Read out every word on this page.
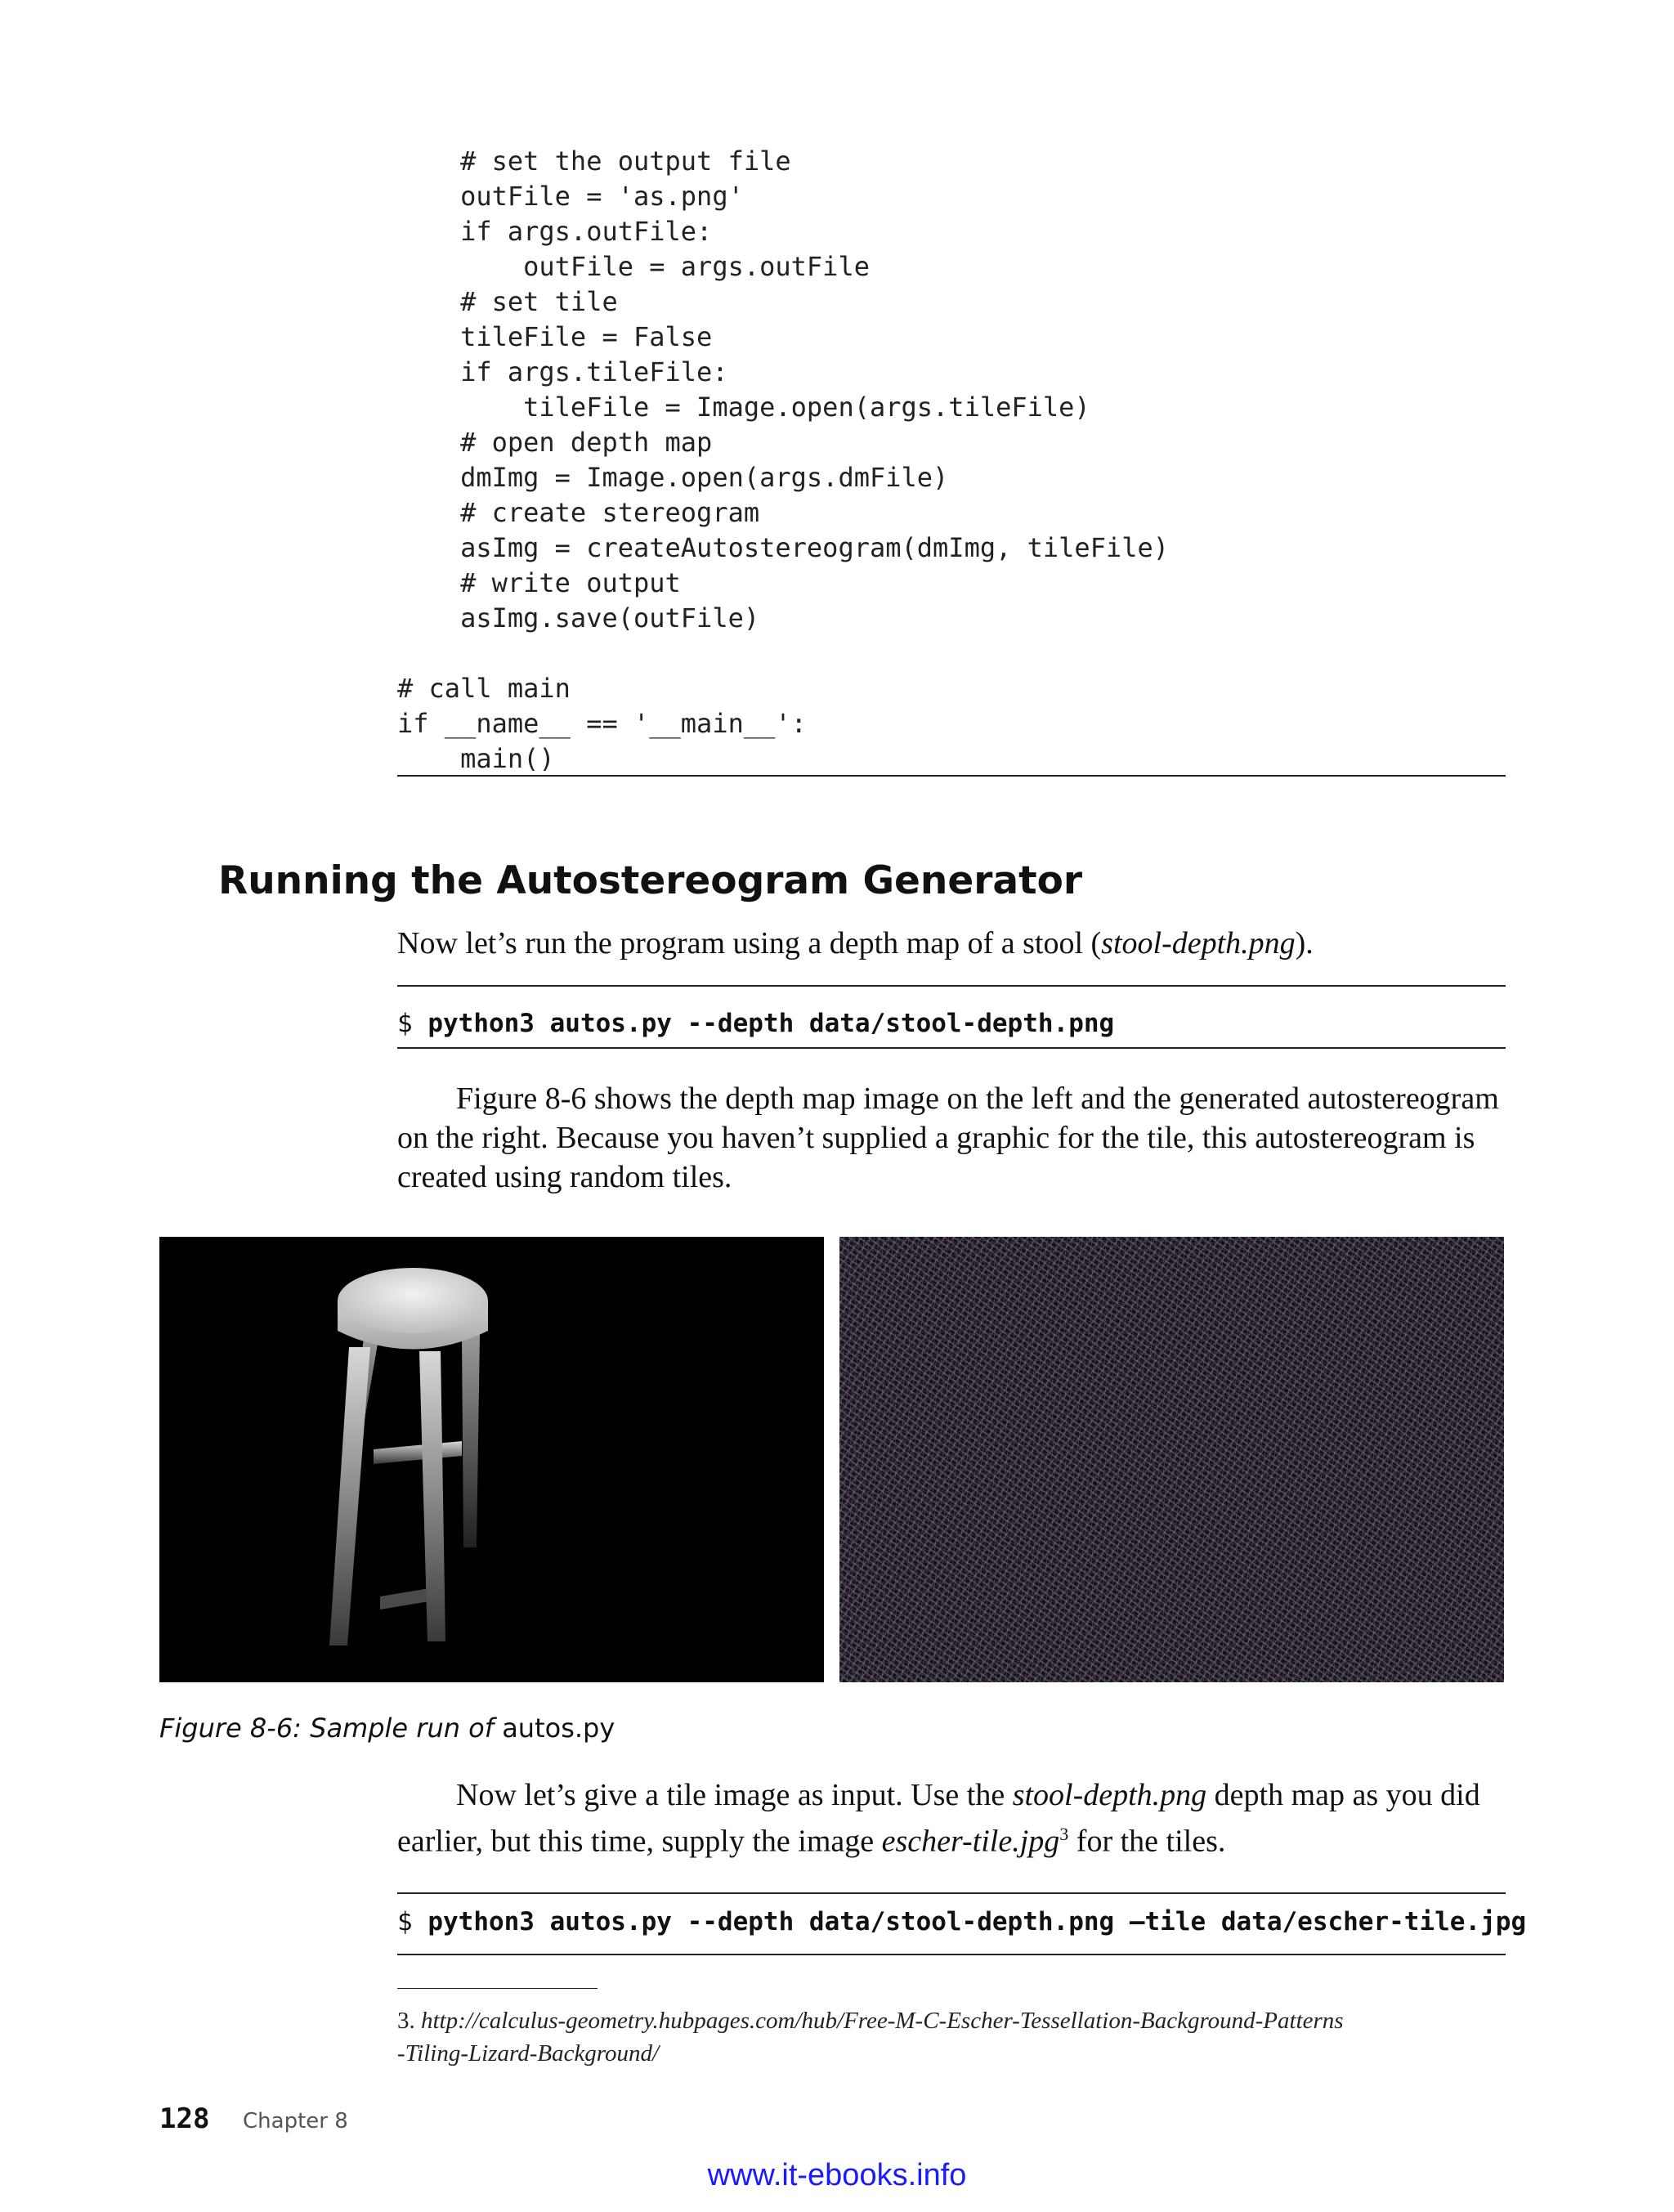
# set the output file
outFile = 'as.png'
if args.outFile:
outFile = args.outFile
# set tile
tileFile = False
if args.tileFile:
tileFile = Image.open(args.tileFile)
# open depth map
dmImg = Image.open(args.dmFile)
# create stereogram
asImg = createAutostereogram(dmImg, tileFile)
# write output
asImg.save(outFile)
# call main
if __name__ == '__main__':
main()
Running the Autostereogram Generator
Now let’s run the program using a depth map of a stool (stool-depth.png).
$ python3 autos.py --depth data/stool-depth.png
Figure 8-6 shows the depth map image on the left and the generated autostereogram on the right. Because you haven’t supplied a graphic for the tile, this autostereogram is created using random tiles.
Figure 8-6: Sample run of autos.py
Now let’s give a tile image as input. Use the stool-depth.png depth map as you did earlier, but this time, supply the image escher-tile.jpg$^3$ for the tiles.
$ python3 autos.py --depth data/stool-depth.png –tile data/escher-tile.jpg
3. http://calculus-geometry.hubpages.com/hub/Free-M-C-Escher-Tessellation-Background-Patterns
-Tiling-Lizard-Background/
128 Chapter 8
www.it-ebooks.info
